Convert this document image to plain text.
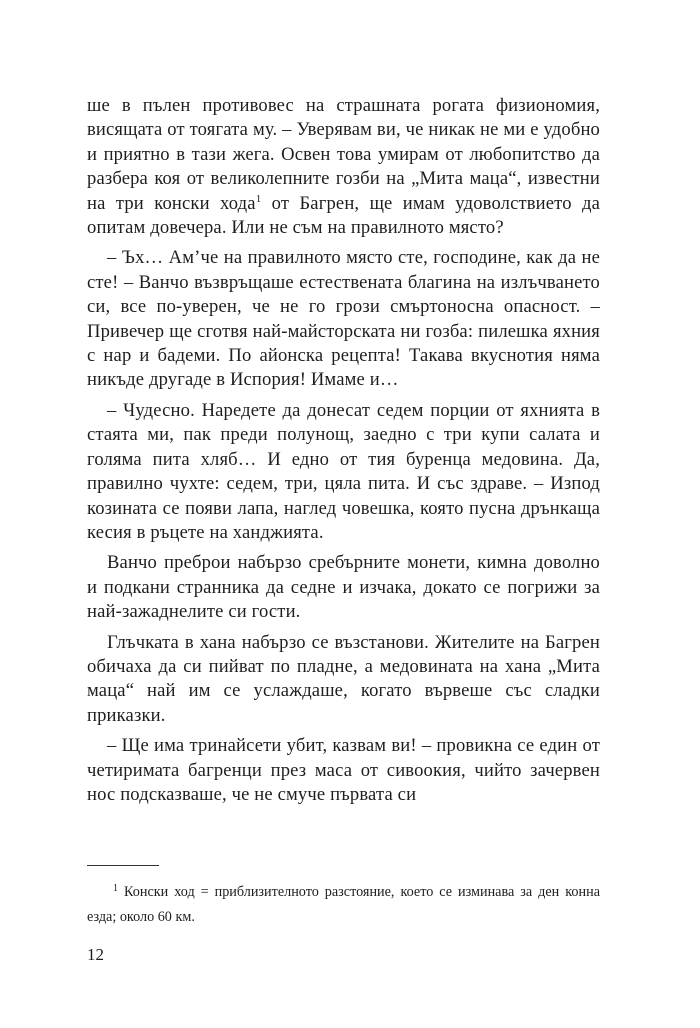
ше в пълен противовес на страшната рогата физиономия, висящата от тоягата му. – Уверявам ви, че никак не ми е удобно и приятно в тази жега. Освен това умирам от любопитство да разбера коя от великолепните гозби на „Мита маца“, известни на три конски хода$^1$ от Багрен, ще имам удоволствието да опитам довечера. Или не съм на правилното място?

– Ъх… Ам’че на правилното място сте, господине, как да не сте! – Ванчо възвръщаше естествената благина на излъчването си, все по-уверен, че не го грози смъртоносна опасност. – Привечер ще сготвя най-майсторската ни гозба: пилешка яхния с нар и бадеми. По айонска рецепта! Такава вкуснотия няма никъде другаде в Испория! Имаме и…

– Чудесно. Наредете да донесат седем порции от яхнията в стаята ми, пак преди полунощ, заедно с три купи салата и голяма пита хляб… И едно от тия буренца медовина. Да, правилно чухте: седем, три, цяла пита. И със здраве. – Изпод козината се появи лапа, наглед човешка, която пусна дрънкаща кесия в ръцете на ханджията.

Ванчо преброи набързо сребърните монети, кимна доволно и подкани странника да седне и изчака, докато се погрижи за най-зажаднелите си гости.

Глъчката в хана набързо се възстанови. Жителите на Багрен обичаха да си пийват по пладне, а медовината на хана „Мита маца“ най им се услаждаше, когато вървеше със сладки приказки.

– Ще има тринайсети убит, казвам ви! – провикна се един от четиримата багренци през маса от сивоокия, чийто зачервен нос подсказваше, че не смуче първата си

$^1$ Конски ход = приблизителното разстояние, което се изминава за ден конна езда; около 60 км.

12
